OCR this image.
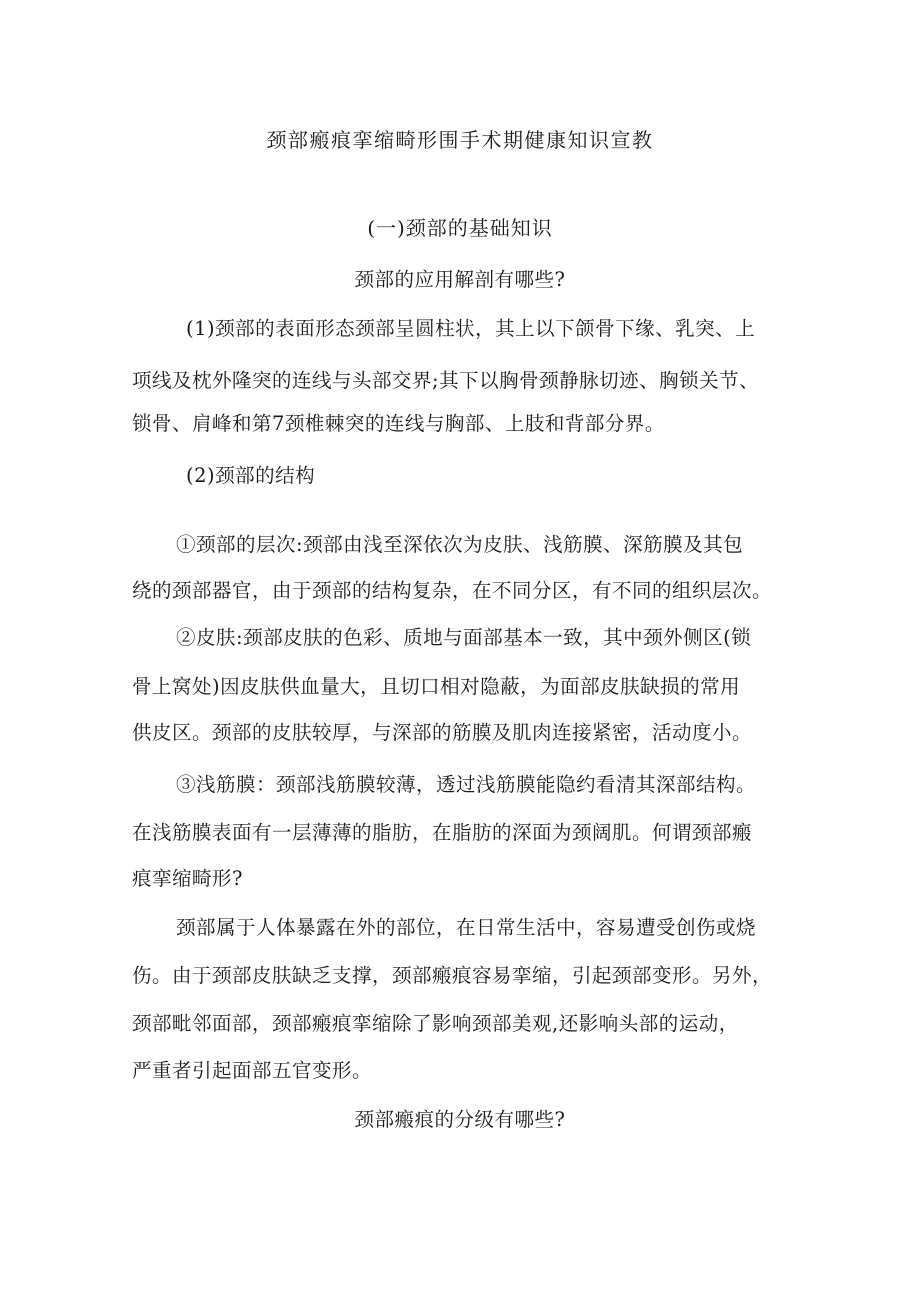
颈部瘢痕挛缩畸形围手术期健康知识宣教
(一)颈部的基础知识
颈部的应用解剖有哪些?
(1)颈部的表面形态颈部呈圆柱状，其上以下颌骨下缘、乳突、上
项线及枕外隆突的连线与头部交界;其下以胸骨颈静脉切迹、胸锁关节、
锁骨、肩峰和第7颈椎棘突的连线与胸部、上肢和背部分界。
(2)颈部的结构
①颈部的层次:颈部由浅至深依次为皮肤、浅筋膜、深筋膜及其包
绕的颈部器官，由于颈部的结构复杂，在不同分区，有不同的组织层次。
②皮肤:颈部皮肤的色彩、质地与面部基本一致，其中颈外侧区(锁
骨上窝处)因皮肤供血量大，且切口相对隐蔽，为面部皮肤缺损的常用
供皮区。颈部的皮肤较厚，与深部的筋膜及肌肉连接紧密，活动度小。
③浅筋膜：颈部浅筋膜较薄，透过浅筋膜能隐约看清其深部结构。
在浅筋膜表面有一层薄薄的脂肪，在脂肪的深面为颈阔肌。何谓颈部瘢
痕挛缩畸形?
颈部属于人体暴露在外的部位，在日常生活中，容易遭受创伤或烧
伤。由于颈部皮肤缺乏支撑，颈部瘢痕容易挛缩，引起颈部变形。另外，
颈部毗邻面部，颈部瘢痕挛缩除了影响颈部美观,还影响头部的运动，
严重者引起面部五官变形。
颈部瘢痕的分级有哪些?
